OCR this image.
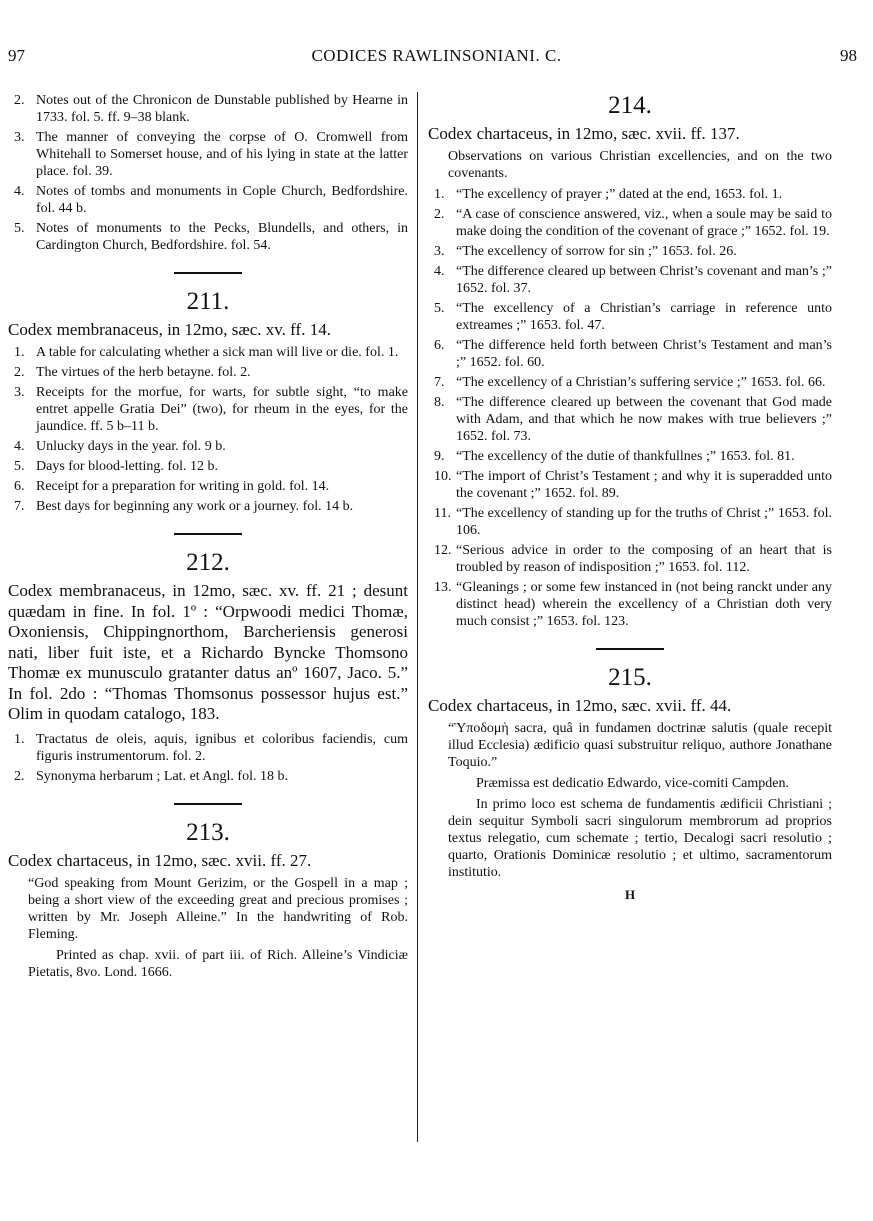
97	CODICES RAWLINSONIANI. C.	98
2. Notes out of the Chronicon de Dunstable published by Hearne in 1733. fol. 5. ff. 9–38 blank.
3. The manner of conveying the corpse of O. Cromwell from Whitehall to Somerset house, and of his lying in state at the latter place. fol. 39.
4. Notes of tombs and monuments in Cople Church, Bedfordshire. fol. 44 b.
5. Notes of monuments to the Pecks, Blundells, and others, in Cardington Church, Bedfordshire. fol. 54.
211.
Codex membranaceus, in 12mo, sæc. xv. ff. 14.
1. A table for calculating whether a sick man will live or die. fol. 1.
2. The virtues of the herb betayne. fol. 2.
3. Receipts for the morfue, for warts, for subtle sight, “to make entret appelle Gratia Dei” (two), for rheum in the eyes, for the jaundice. ff. 5 b–11 b.
4. Unlucky days in the year. fol. 9 b.
5. Days for blood-letting. fol. 12 b.
6. Receipt for a preparation for writing in gold. fol. 14.
7. Best days for beginning any work or a journey. fol. 14 b.
212.
Codex membranaceus, in 12mo, sæc. xv. ff. 21 ; desunt quædam in fine. In fol. 1º : “Orpwoodi medici Thomæ, Oxoniensis, Chippingnorthom, Barcheriensis generosi nati, liber fuit iste, et a Richardo Byncke Thomsono Thomæ ex munusculo gratanter datus anº 1607, Jaco. 5.” In fol. 2do : “Thomas Thomsonus possessor hujus est.” Olim in quodam catalogo, 183.
1. Tractatus de oleis, aquis, ignibus et coloribus faciendis, cum figuris instrumentorum. fol. 2.
2. Synonyma herbarum ; Lat. et Angl. fol. 18 b.
213.
Codex chartaceus, in 12mo, sæc. xvii. ff. 27.
“God speaking from Mount Gerizim, or the Gospell in a map ; being a short view of the exceeding great and precious promises ; written by Mr. Joseph Alleine.” In the handwriting of Rob. Fleming.
Printed as chap. xvii. of part iii. of Rich. Alleine’s Vindiciæ Pietatis, 8vo. Lond. 1666.
214.
Codex chartaceus, in 12mo, sæc. xvii. ff. 137.
Observations on various Christian excellencies, and on the two covenants.
1. “The excellency of prayer ;” dated at the end, 1653. fol. 1.
2. “A case of conscience answered, viz., when a soule may be said to make doing the condition of the covenant of grace ;” 1652. fol. 19.
3. “The excellency of sorrow for sin ;” 1653. fol. 26.
4. “The difference cleared up between Christ’s covenant and man’s ;” 1652. fol. 37.
5. “The excellency of a Christian’s carriage in reference unto extreames ;” 1653. fol. 47.
6. “The difference held forth between Christ’s Testament and man’s ;” 1652. fol. 60.
7. “The excellency of a Christian’s suffering service ;” 1653. fol. 66.
8. “The difference cleared up between the covenant that God made with Adam, and that which he now makes with true believers ;” 1652. fol. 73.
9. “The excellency of the dutie of thankfullnes ;” 1653. fol. 81.
10. “The import of Christ’s Testament ; and why it is superadded unto the covenant ;” 1652. fol. 89.
11. “The excellency of standing up for the truths of Christ ;” 1653. fol. 106.
12. “Serious advice in order to the composing of an heart that is troubled by reason of indisposition ;” 1653. fol. 112.
13. “Gleanings ; or some few instanced in (not being ranckt under any distinct head) wherein the excellency of a Christian doth very much consist ;” 1653. fol. 123.
215.
Codex chartaceus, in 12mo, sæc. xvii. ff. 44.
“Ὑποδομὴ sacra, quâ in fundamen doctrinæ salutis (quale recepit illud Ecclesia) ædificio quasi substruitur reliquo, authore Jonathane Toquio.”
Præmissa est dedicatio Edwardo, vice-comiti Campden.
In primo loco est schema de fundamentis ædificii Christiani ; dein sequitur Symboli sacri singulorum membrorum ad proprios textus relegatio, cum schemate ; tertio, Decalogi sacri resolutio ; quarto, Orationis Dominicæ resolutio ; et ultimo, sacramentorum institutio.
H
